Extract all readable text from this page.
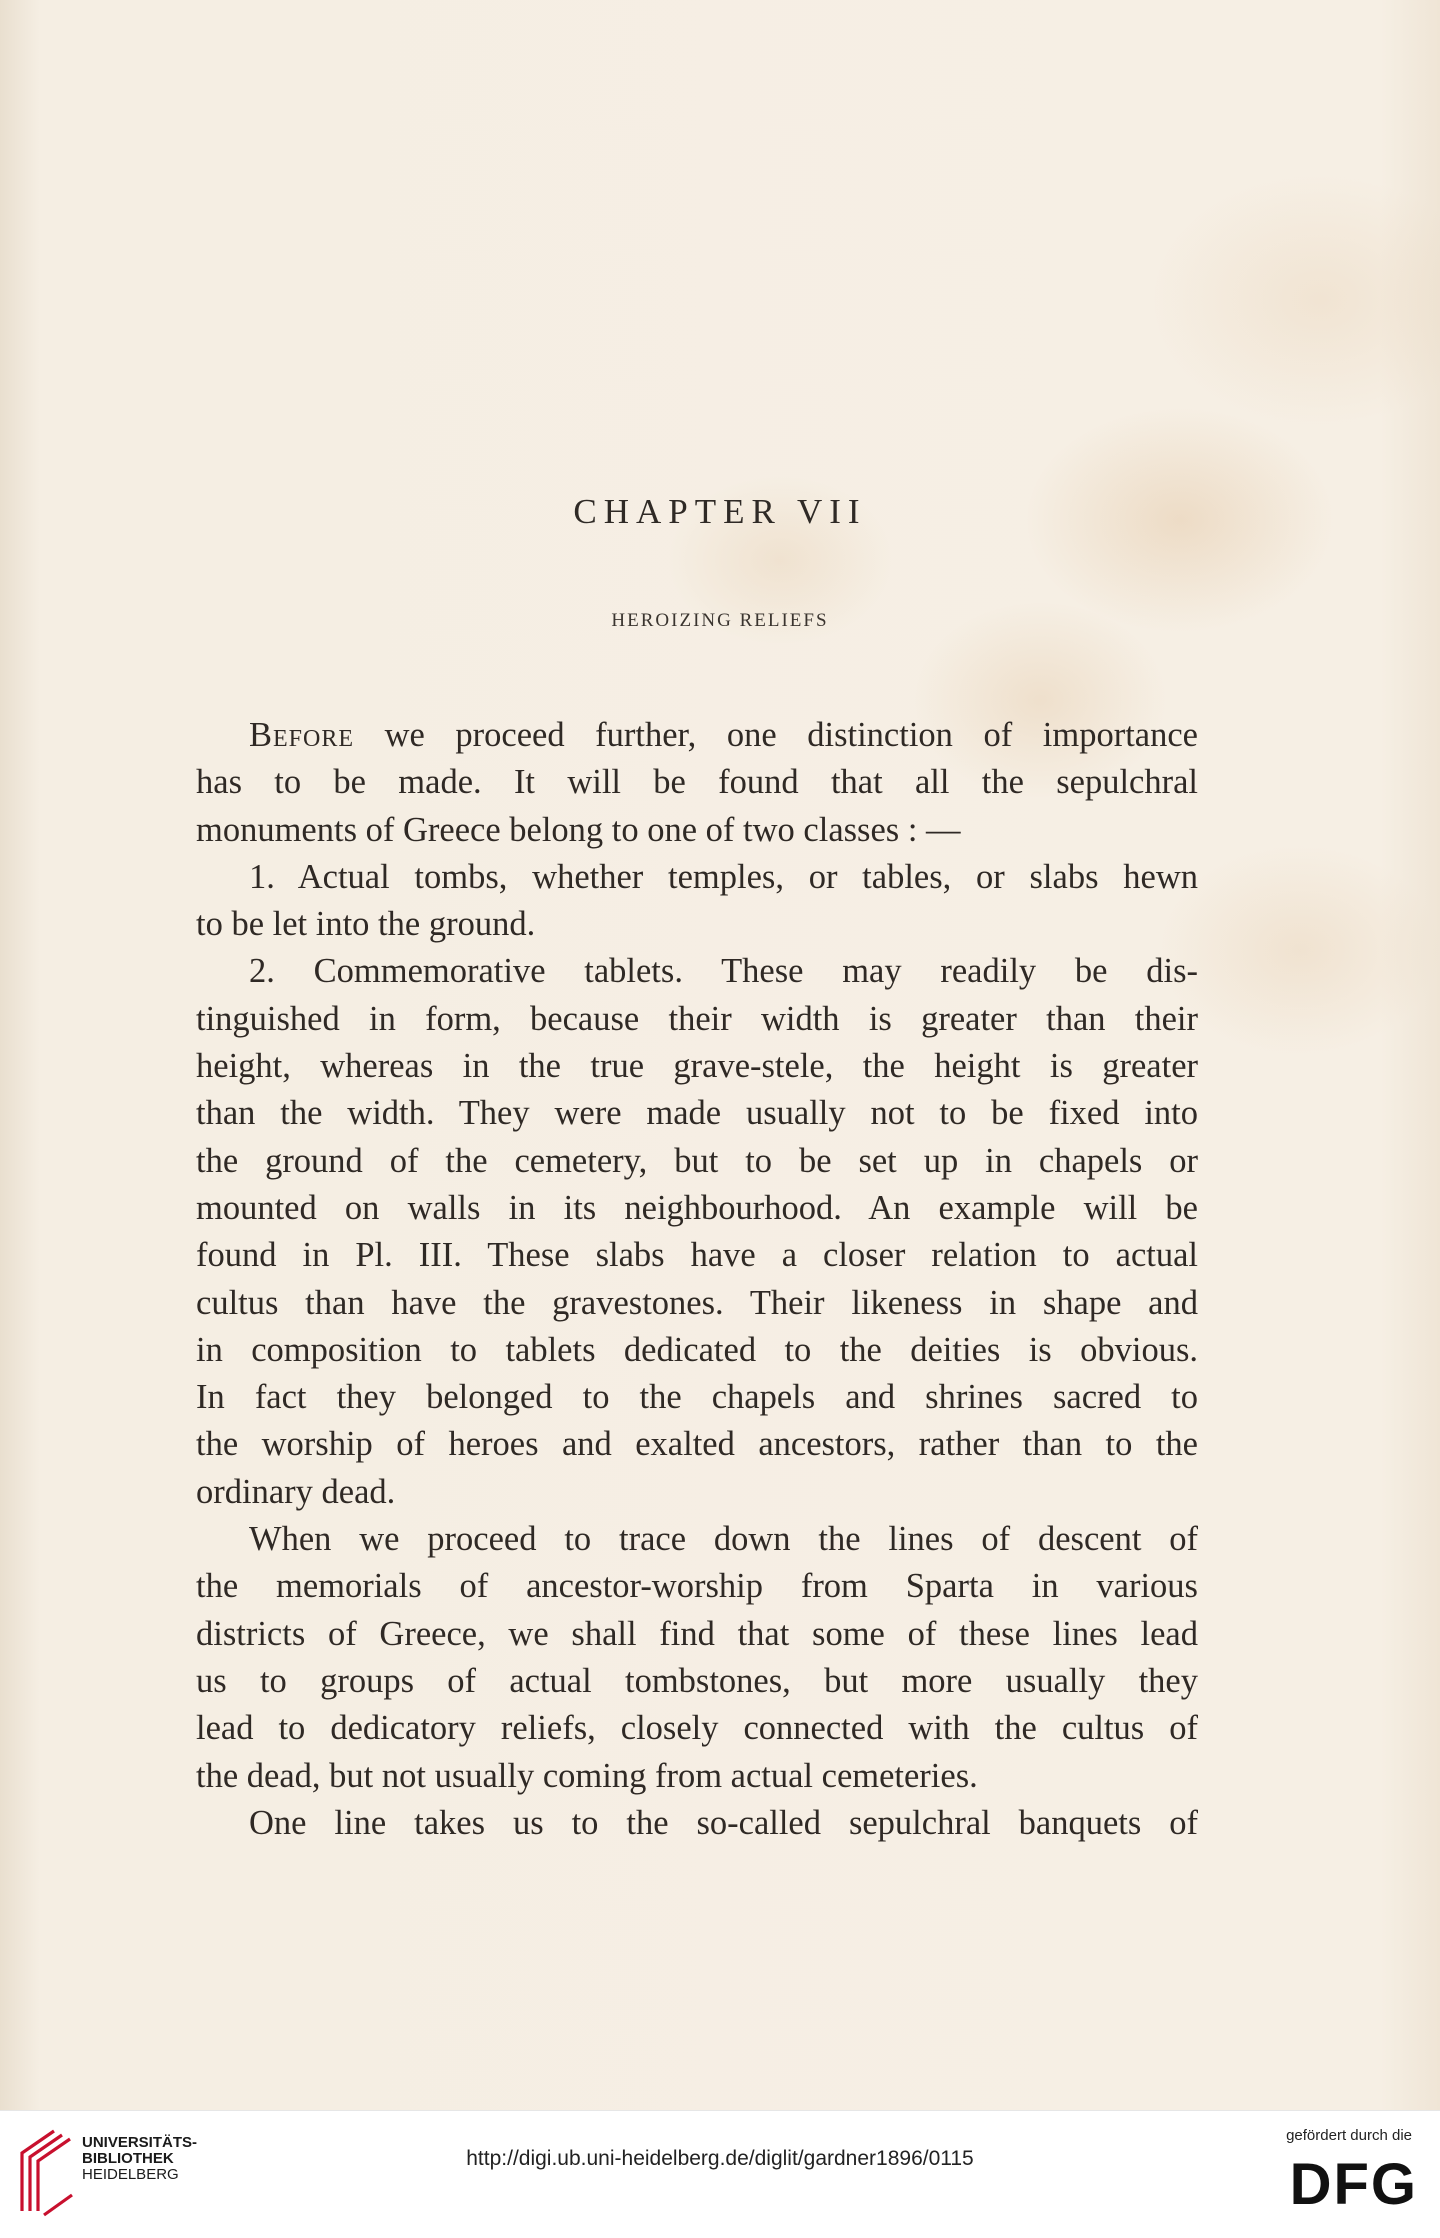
CHAPTER VII
HEROIZING RELIEFS
Before we proceed further, one distinction of importance
has to be made. It will be found that all the sepulchral
monuments of Greece belong to one of two classes : —
1. Actual tombs, whether temples, or tables, or slabs hewn
to be let into the ground.
2. Commemorative tablets. These may readily be dis-
tinguished in form, because their width is greater than their
height, whereas in the true grave-stele, the height is greater
than the width. They were made usually not to be fixed into
the ground of the cemetery, but to be set up in chapels or
mounted on walls in its neighbourhood. An example will be
found in Pl. III. These slabs have a closer relation to actual
cultus than have the gravestones. Their likeness in shape and
in composition to tablets dedicated to the deities is obvious.
In fact they belonged to the chapels and shrines sacred to
the worship of heroes and exalted ancestors, rather than to the
ordinary dead.
When we proceed to trace down the lines of descent of
the memorials of ancestor-worship from Sparta in various
districts of Greece, we shall find that some of these lines lead
us to groups of actual tombstones, but more usually they
lead to dedicatory reliefs, closely connected with the cultus of
the dead, but not usually coming from actual cemeteries.
One line takes us to the so-called sepulchral banquets of
UNIVERSITÄTS-
BIBLIOTHEK
HEIDELBERG
http://digi.ub.uni-heidelberg.de/diglit/gardner1896/0115
gefördert durch die
DFG
